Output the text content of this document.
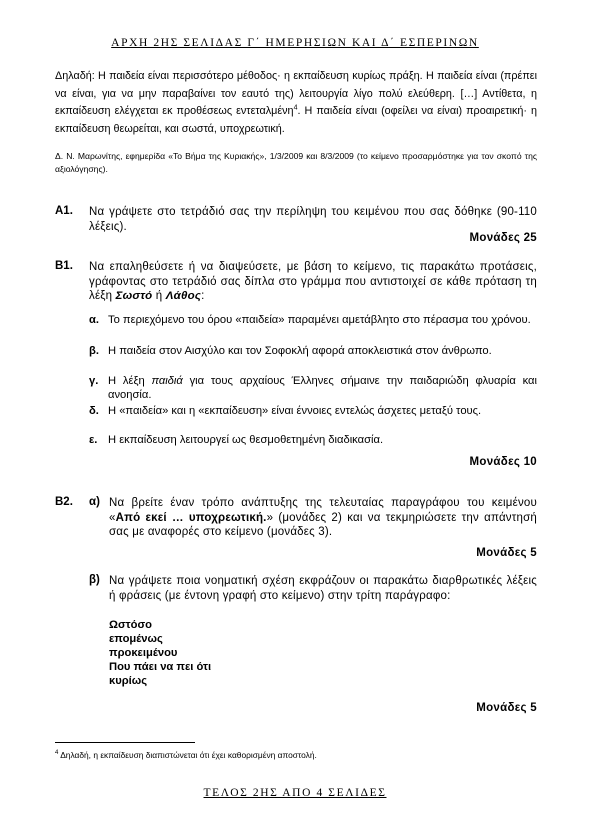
ΑΡΧΗ 2ΗΣ ΣΕΛΙΔΑΣ Γ΄ ΗΜΕΡΗΣΙΩΝ ΚΑΙ Δ΄ ΕΣΠΕΡΙΝΩΝ
Δηλαδή: Η παιδεία είναι περισσότερο μέθοδος· η εκπαίδευση κυρίως πράξη. Η παιδεία είναι (πρέπει να είναι, για να μην παραβαίνει τον εαυτό της) λειτουργία λίγο πολύ ελεύθερη. […] Αντίθετα, η εκπαίδευση ελέγχεται εκ προθέσεως εντεταλμένη$^4$. Η παιδεία είναι (οφείλει να είναι) προαιρετική· η εκπαίδευση θεωρείται, και σωστά, υποχρεωτική.
Δ. Ν. Μαρωνίτης, εφημερίδα «Το Βήμα της Κυριακής», 1/3/2009 και 8/3/2009 (το κείμενο προσαρμόστηκε για τον σκοπό της αξιολόγησης).
Α1. Να γράψετε στο τετράδιό σας την περίληψη του κειμένου που σας δόθηκε (90-110 λέξεις).
Μονάδες 25
Β1. Να επαληθεύσετε ή να διαψεύσετε, με βάση το κείμενο, τις παρακάτω προτάσεις, γράφοντας στο τετράδιό σας δίπλα στο γράμμα που αντιστοιχεί σε κάθε πρόταση τη λέξη Σωστό ή Λάθος:
α. Το περιεχόμενο του όρου «παιδεία» παραμένει αμετάβλητο στο πέρασμα του χρόνου.
β. Η παιδεία στον Αισχύλο και τον Σοφοκλή αφορά αποκλειστικά στον άνθρωπο.
γ. Η λέξη παιδιά για τους αρχαίους Έλληνες σήμαινε την παιδαριώδη φλυαρία και ανοησία.
δ. Η «παιδεία» και η «εκπαίδευση» είναι έννοιες εντελώς άσχετες μεταξύ τους.
ε. Η εκπαίδευση λειτουργεί ως θεσμοθετημένη διαδικασία.
Μονάδες 10
Β2. α) Να βρείτε έναν τρόπο ανάπτυξης της τελευταίας παραγράφου του κειμένου «Από εκεί … υποχρεωτική.» (μονάδες 2) και να τεκμηριώσετε την απάντησή σας με αναφορές στο κείμενο (μονάδες 3).
Μονάδες 5
β) Να γράψετε ποια νοηματική σχέση εκφράζουν οι παρακάτω διαρθρωτικές λέξεις ή φράσεις (με έντονη γραφή στο κείμενο) στην τρίτη παράγραφο:
Ωστόσο
επομένως
προκειμένου
Που πάει να πει ότι
κυρίως
Μονάδες 5
$^4$ Δηλαδή, η εκπαίδευση διαπιστώνεται ότι έχει καθορισμένη αποστολή.
ΤΕΛΟΣ 2ΗΣ ΑΠΟ 4 ΣΕΛΙΔΕΣ
